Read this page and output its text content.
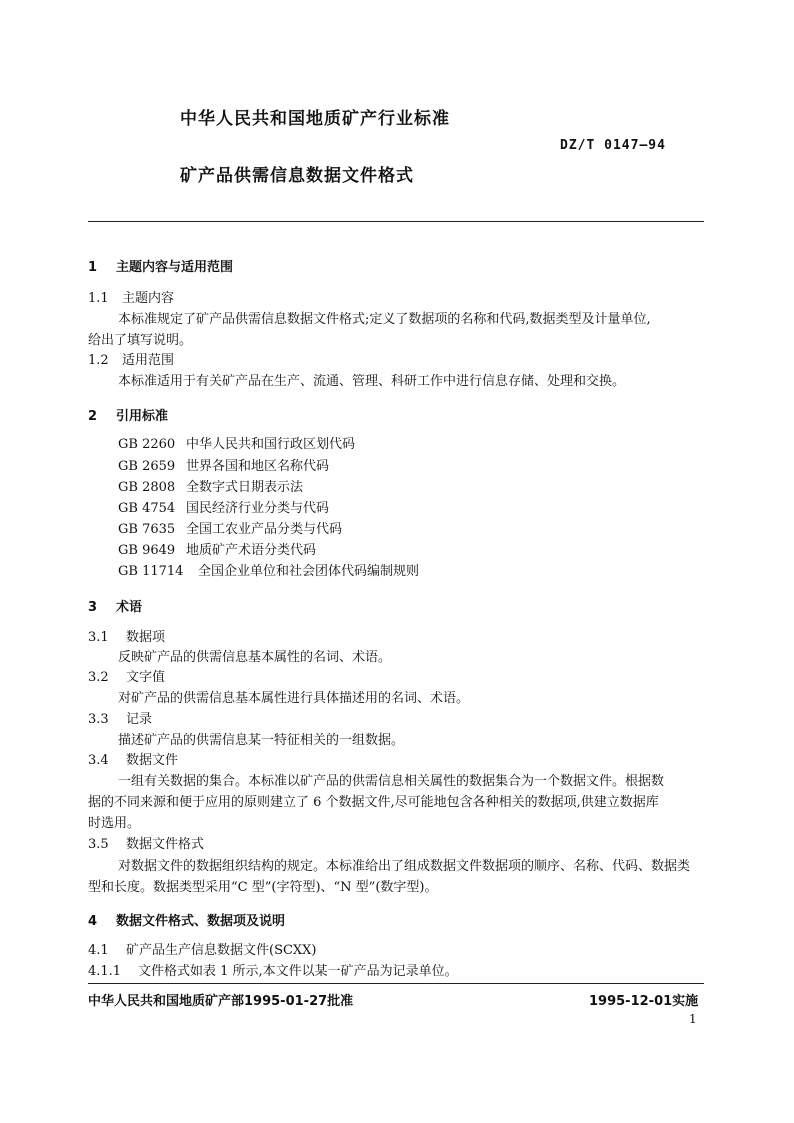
中华人民共和国地质矿产行业标准
DZ/T 0147—94
矿产品供需信息数据文件格式
1 主题内容与适用范围
1.1 主题内容
本标准规定了矿产品供需信息数据文件格式;定义了数据项的名称和代码,数据类型及计量单位,
给出了填写说明。
1.2 适用范围
本标准适用于有关矿产品在生产、流通、管理、科研工作中进行信息存储、处理和交换。
2 引用标准
GB 2260 中华人民共和国行政区划代码
GB 2659 世界各国和地区名称代码
GB 2808 全数字式日期表示法
GB 4754 国民经济行业分类与代码
GB 7635 全国工农业产品分类与代码
GB 9649 地质矿产术语分类代码
GB 11714 全国企业单位和社会团体代码编制规则
3 术语
3.1 数据项
反映矿产品的供需信息基本属性的名词、术语。
3.2 文字值
对矿产品的供需信息基本属性进行具体描述用的名词、术语。
3.3 记录
描述矿产品的供需信息某一特征相关的一组数据。
3.4 数据文件
一组有关数据的集合。本标准以矿产品的供需信息相关属性的数据集合为一个数据文件。根据数
据的不同来源和便于应用的原则建立了 6 个数据文件,尽可能地包含各种相关的数据项,供建立数据库
时选用。
3.5 数据文件格式
对数据文件的数据组织结构的规定。本标准给出了组成数据文件数据项的顺序、名称、代码、数据类
型和长度。数据类型采用“C 型”(字符型)、“N 型”(数字型)。
4 数据文件格式、数据项及说明
4.1 矿产品生产信息数据文件(SCXX)
4.1.1 文件格式如表 1 所示,本文件以某一矿产品为记录单位。
中华人民共和国地质矿产部1995-01-27批准	1995-12-01实施
1
